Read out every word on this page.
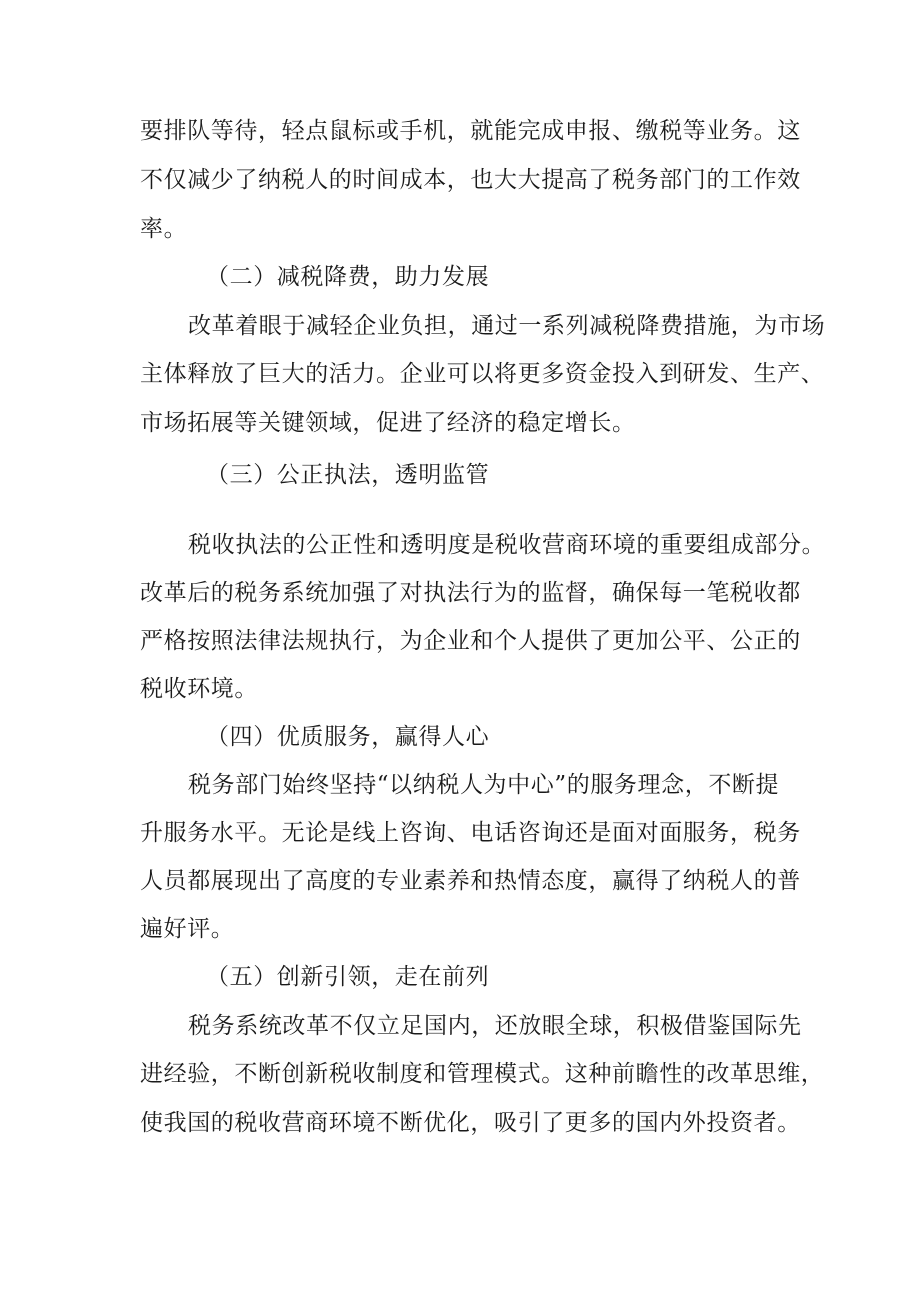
要排队等待，轻点鼠标或手机，就能完成申报、缴税等业务。这
不仅减少了纳税人的时间成本，也大大提高了税务部门的工作效
率。
（二）减税降费，助力发展
改革着眼于减轻企业负担，通过一系列减税降费措施，为市场
主体释放了巨大的活力。企业可以将更多资金投入到研发、生产、
市场拓展等关键领域，促进了经济的稳定增长。
（三）公正执法，透明监管
税收执法的公正性和透明度是税收营商环境的重要组成部分。
改革后的税务系统加强了对执法行为的监督，确保每一笔税收都
严格按照法律法规执行，为企业和个人提供了更加公平、公正的
税收环境。
（四）优质服务，赢得人心
税务部门始终坚持“以纳税人为中心”的服务理念，不断提
升服务水平。无论是线上咨询、电话咨询还是面对面服务，税务
人员都展现出了高度的专业素养和热情态度，赢得了纳税人的普
遍好评。
（五）创新引领，走在前列
税务系统改革不仅立足国内，还放眼全球，积极借鉴国际先
进经验，不断创新税收制度和管理模式。这种前瞻性的改革思维，
使我国的税收营商环境不断优化，吸引了更多的国内外投资者。
